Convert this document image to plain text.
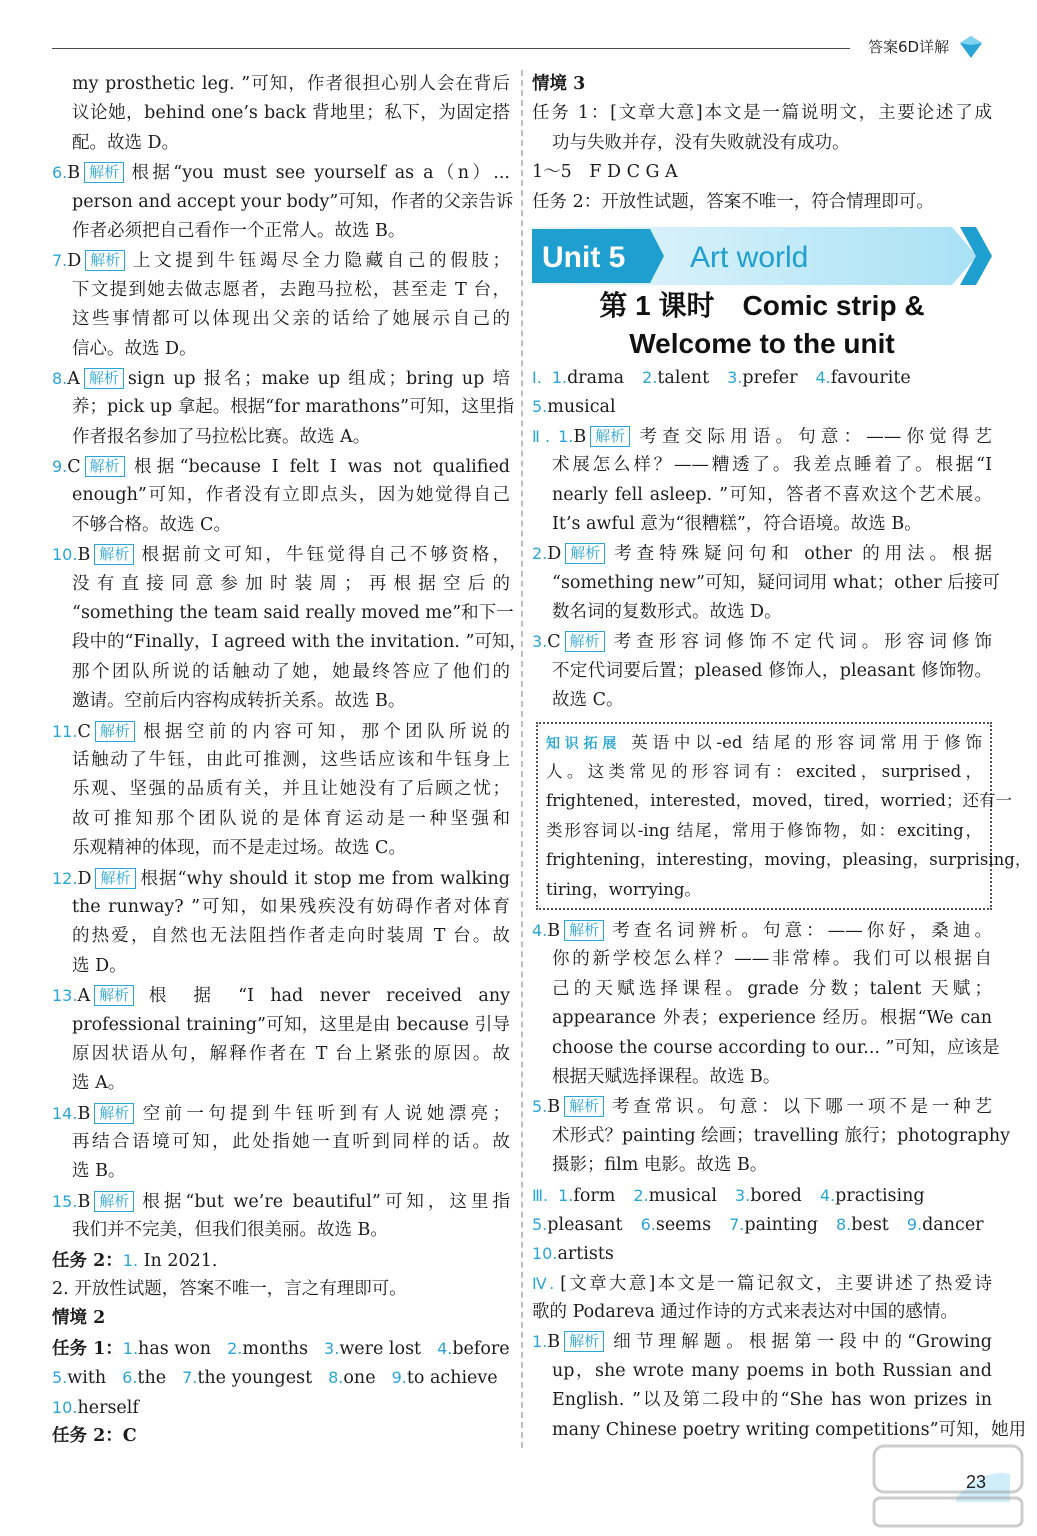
答案6D详解
my prosthetic leg. ”可知，作者很担心别人会在背后
议论她，behind one’s back 背地里；私下，为固定搭
配。故选 D。
6.B 解析 根据“you must see yourself as a（n）...
person and accept your body”可知，作者的父亲告诉
作者必须把自己看作一个正常人。故选 B。
7.D 解析 上文提到牛钰竭尽全力隐藏自己的假肢；
下文提到她去做志愿者，去跑马拉松，甚至走 T 台，
这些事情都可以体现出父亲的话给了她展示自己的
信心。故选 D。
8.A 解析 sign up 报名；make up 组成；bring up 培
养；pick up 拿起。根据“for marathons”可知，这里指
作者报名参加了马拉松比赛。故选 A。
9.C 解析 根据“because I felt I was not qualified
enough”可知，作者没有立即点头，因为她觉得自己
不够合格。故选 C。
10.B 解析 根据前文可知，牛钰觉得自己不够资格，
没有直接同意参加时装周；再根据空后的
“something the team said really moved me”和下一
段中的“Finally，I agreed with the invitation. ”可知，
那个团队所说的话触动了她，她最终答应了他们的
邀请。空前后内容构成转折关系。故选 B。
11.C 解析 根据空前的内容可知，那个团队所说的
话触动了牛钰，由此可推测，这些话应该和牛钰身上
乐观、坚强的品质有关，并且让她没有了后顾之忧；
故可推知那个团队说的是体育运动是一种坚强和
乐观精神的体现，而不是走过场。故选 C。
12.D 解析 根据“why should it stop me from walking
the runway? ”可知，如果残疾没有妨碍作者对体育
的热爱，自然也无法阻挡作者走向时装周 T 台。故
选 D。
13.A 解析 根 据 “I had never received any
professional training”可知，这里是由 because 引导
原因状语从句，解释作者在 T 台上紧张的原因。故
选 A。
14.B 解析 空前一句提到牛钰听到有人说她漂亮；
再结合语境可知，此处指她一直听到同样的话。故
选 B。
15.B 解析 根据“but we’re beautiful”可知，这里指
我们并不完美，但我们很美丽。故选 B。
任务 2：1. In 2021.
2. 开放性试题，答案不唯一，言之有理即可。
情境 2
任务 1：1.has won 2.months 3.were lost 4.before
5.with 6.the 7.the youngest 8.one 9.to achieve
10.herself
任务 2：C
情境 3
任务 1：[文章大意]本文是一篇说明文，主要论述了成
功与失败并存，没有失败就没有成功。
1～5　F D C G A
任务 2：开放性试题，答案不唯一，符合情理即可。
第 1 课时　Comic strip &
Welcome to the unit
Ⅰ. 1.drama 2.talent 3.prefer 4.favourite
5.musical
Ⅱ. 1.B 解析 考查交际用语。句意：——你觉得艺
术展怎么样？——糟透了。我差点睡着了。根据“I
nearly fell asleep. ”可知，答者不喜欢这个艺术展。
It’s awful 意为“很糟糕”，符合语境。故选 B。
2.D 解析 考查特殊疑问句和 other 的用法。根据
“something new”可知，疑问词用 what；other 后接可
数名词的复数形式。故选 D。
3.C 解析 考查形容词修饰不定代词。形容词修饰
不定代词要后置；pleased 修饰人，pleasant 修饰物。
故选 C。
知识拓展 英语中以-ed 结尾的形容词常用于修饰
人。这类常见的形容词有：excited，surprised，
frightened，interested，moved，tired，worried；还有一
类形容词以-ing 结尾，常用于修饰物，如：exciting，
frightening，interesting，moving，pleasing，surprising，
tiring，worrying。
4.B 解析 考查名词辨析。句意：——你好，桑迪。
你的新学校怎么样？——非常棒。我们可以根据自
己的天赋选择课程。grade 分数；talent 天赋；
appearance 外表；experience 经历。根据“We can
choose the course according to our... ”可知，应该是
根据天赋选择课程。故选 B。
5.B 解析 考查常识。句意：以下哪一项不是一种艺
术形式？painting 绘画；travelling 旅行；photography
摄影；film 电影。故选 B。
Ⅲ. 1.form 2.musical 3.bored 4.practising
5.pleasant 6.seems 7.painting 8.best 9.dancer
10.artists
Ⅳ. [文章大意]本文是一篇记叙文，主要讲述了热爱诗
歌的 Podareva 通过作诗的方式来表达对中国的感情。
1.B 解析 细节理解题。根据第一段中的“Growing
up，she wrote many poems in both Russian and
English. ”以及第二段中的“She has won prizes in
many Chinese poetry writing competitions”可知，她用
Unit 5 Art world
23
